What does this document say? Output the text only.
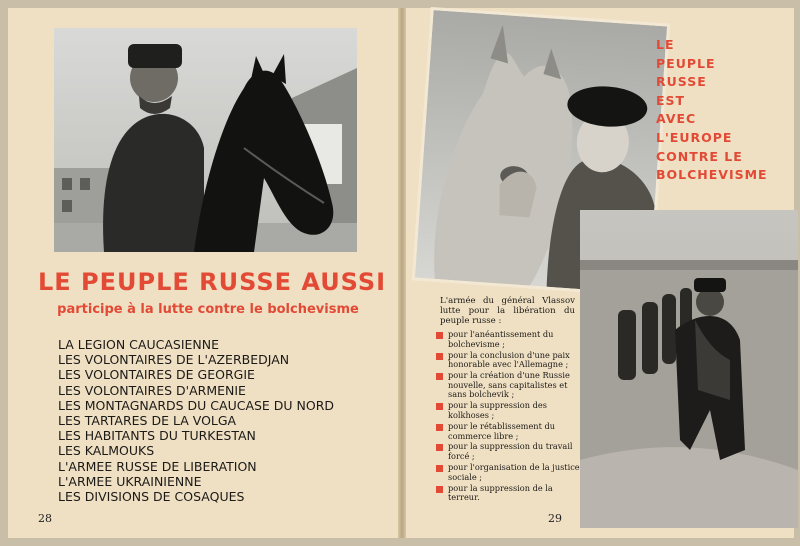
LE PEUPLE RUSSE AUSSI
participe à la lutte contre le bolchevisme
LA LEGION CAUCASIENNE
LES VOLONTAIRES DE L'AZERBEDJAN
LES VOLONTAIRES DE GEORGIE
LES VOLONTAIRES D'ARMENIE
LES MONTAGNARDS DU CAUCASE DU NORD
LES TARTARES DE LA VOLGA
LES HABITANTS DU TURKESTAN
LES KALMOUKS
L'ARMEE RUSSE DE LIBERATION
L'ARMEE UKRAINIENNE
LES DIVISIONS DE COSAQUES
28
LE
PEUPLE
RUSSE
EST
AVEC
L'EUROPE
CONTRE LE
BOLCHEVISME
L'armée du général Vlassov lutte pour la libération du peuple russe :
pour l'anéantissement du bolchevisme ;
pour la conclusion d'une paix honorable avec l'Allemagne ;
pour la création d'une Russie nouvelle, sans capitalistes et sans bolchevik ;
pour la suppression des kolkhoses ;
pour le rétablissement du commerce libre ;
pour la suppression du travail forcé ;
pour l'organisation de la justice sociale ;
pour la suppression de la terreur.
29
